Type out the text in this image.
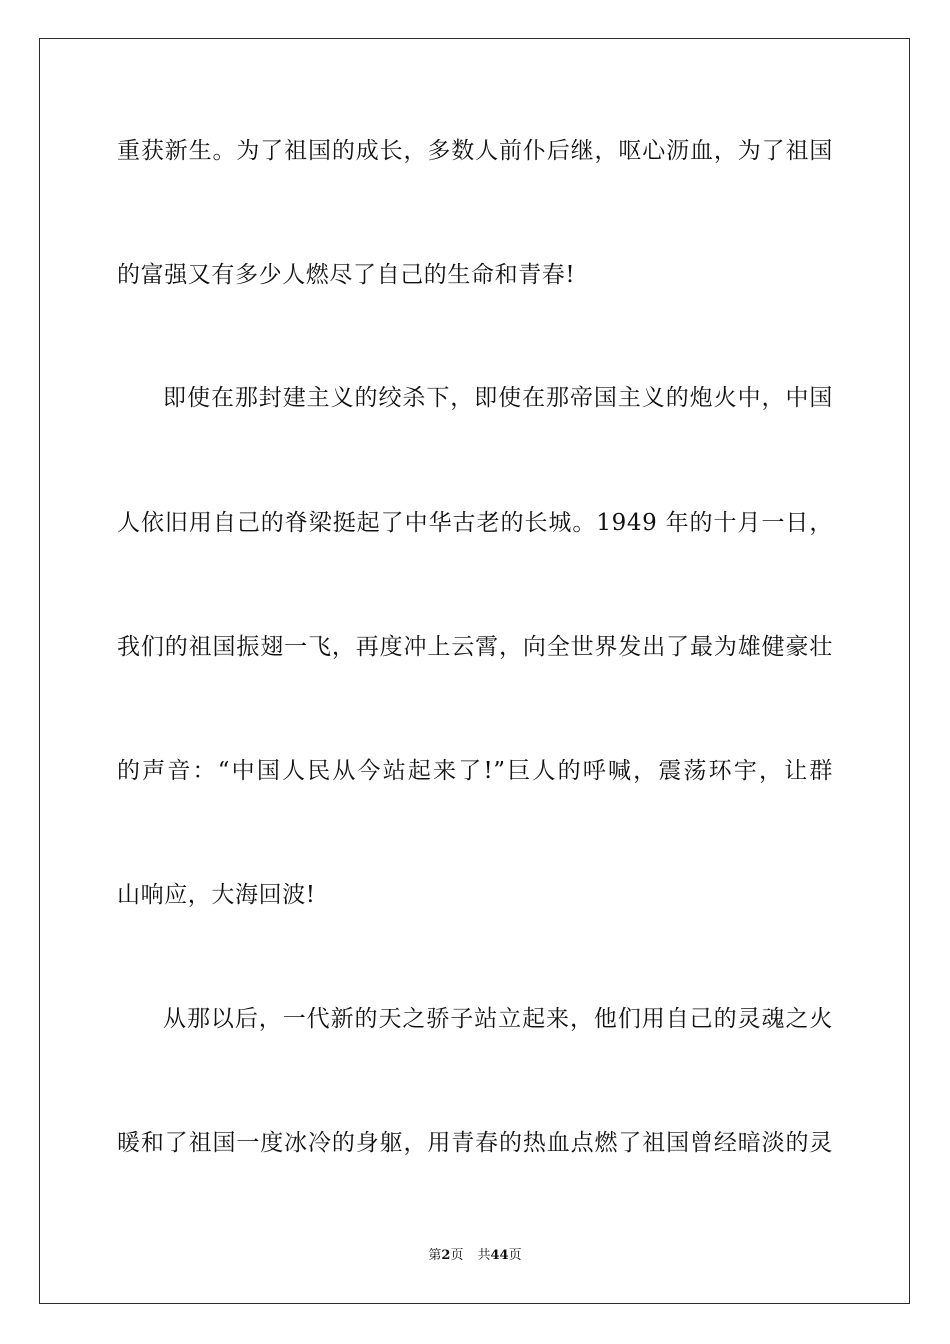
重获新生。为了祖国的成长，多数人前仆后继，呕心沥血，为了祖国
的富强又有多少人燃尽了自己的生命和青春!
即使在那封建主义的绞杀下，即使在那帝国主义的炮火中，中国
人依旧用自己的脊梁挺起了中华古老的长城。1949 年的十月一日，
我们的祖国振翅一飞，再度冲上云霄，向全世界发出了最为雄健豪壮
的声音：“中国人民从今站起来了!”巨人的呼喊，震荡环宇，让群
山响应，大海回波!
从那以后，一代新的天之骄子站立起来，他们用自己的灵魂之火
暖和了祖国一度冰冷的身躯，用青春的热血点燃了祖国曾经暗淡的灵
第2页 共44页
